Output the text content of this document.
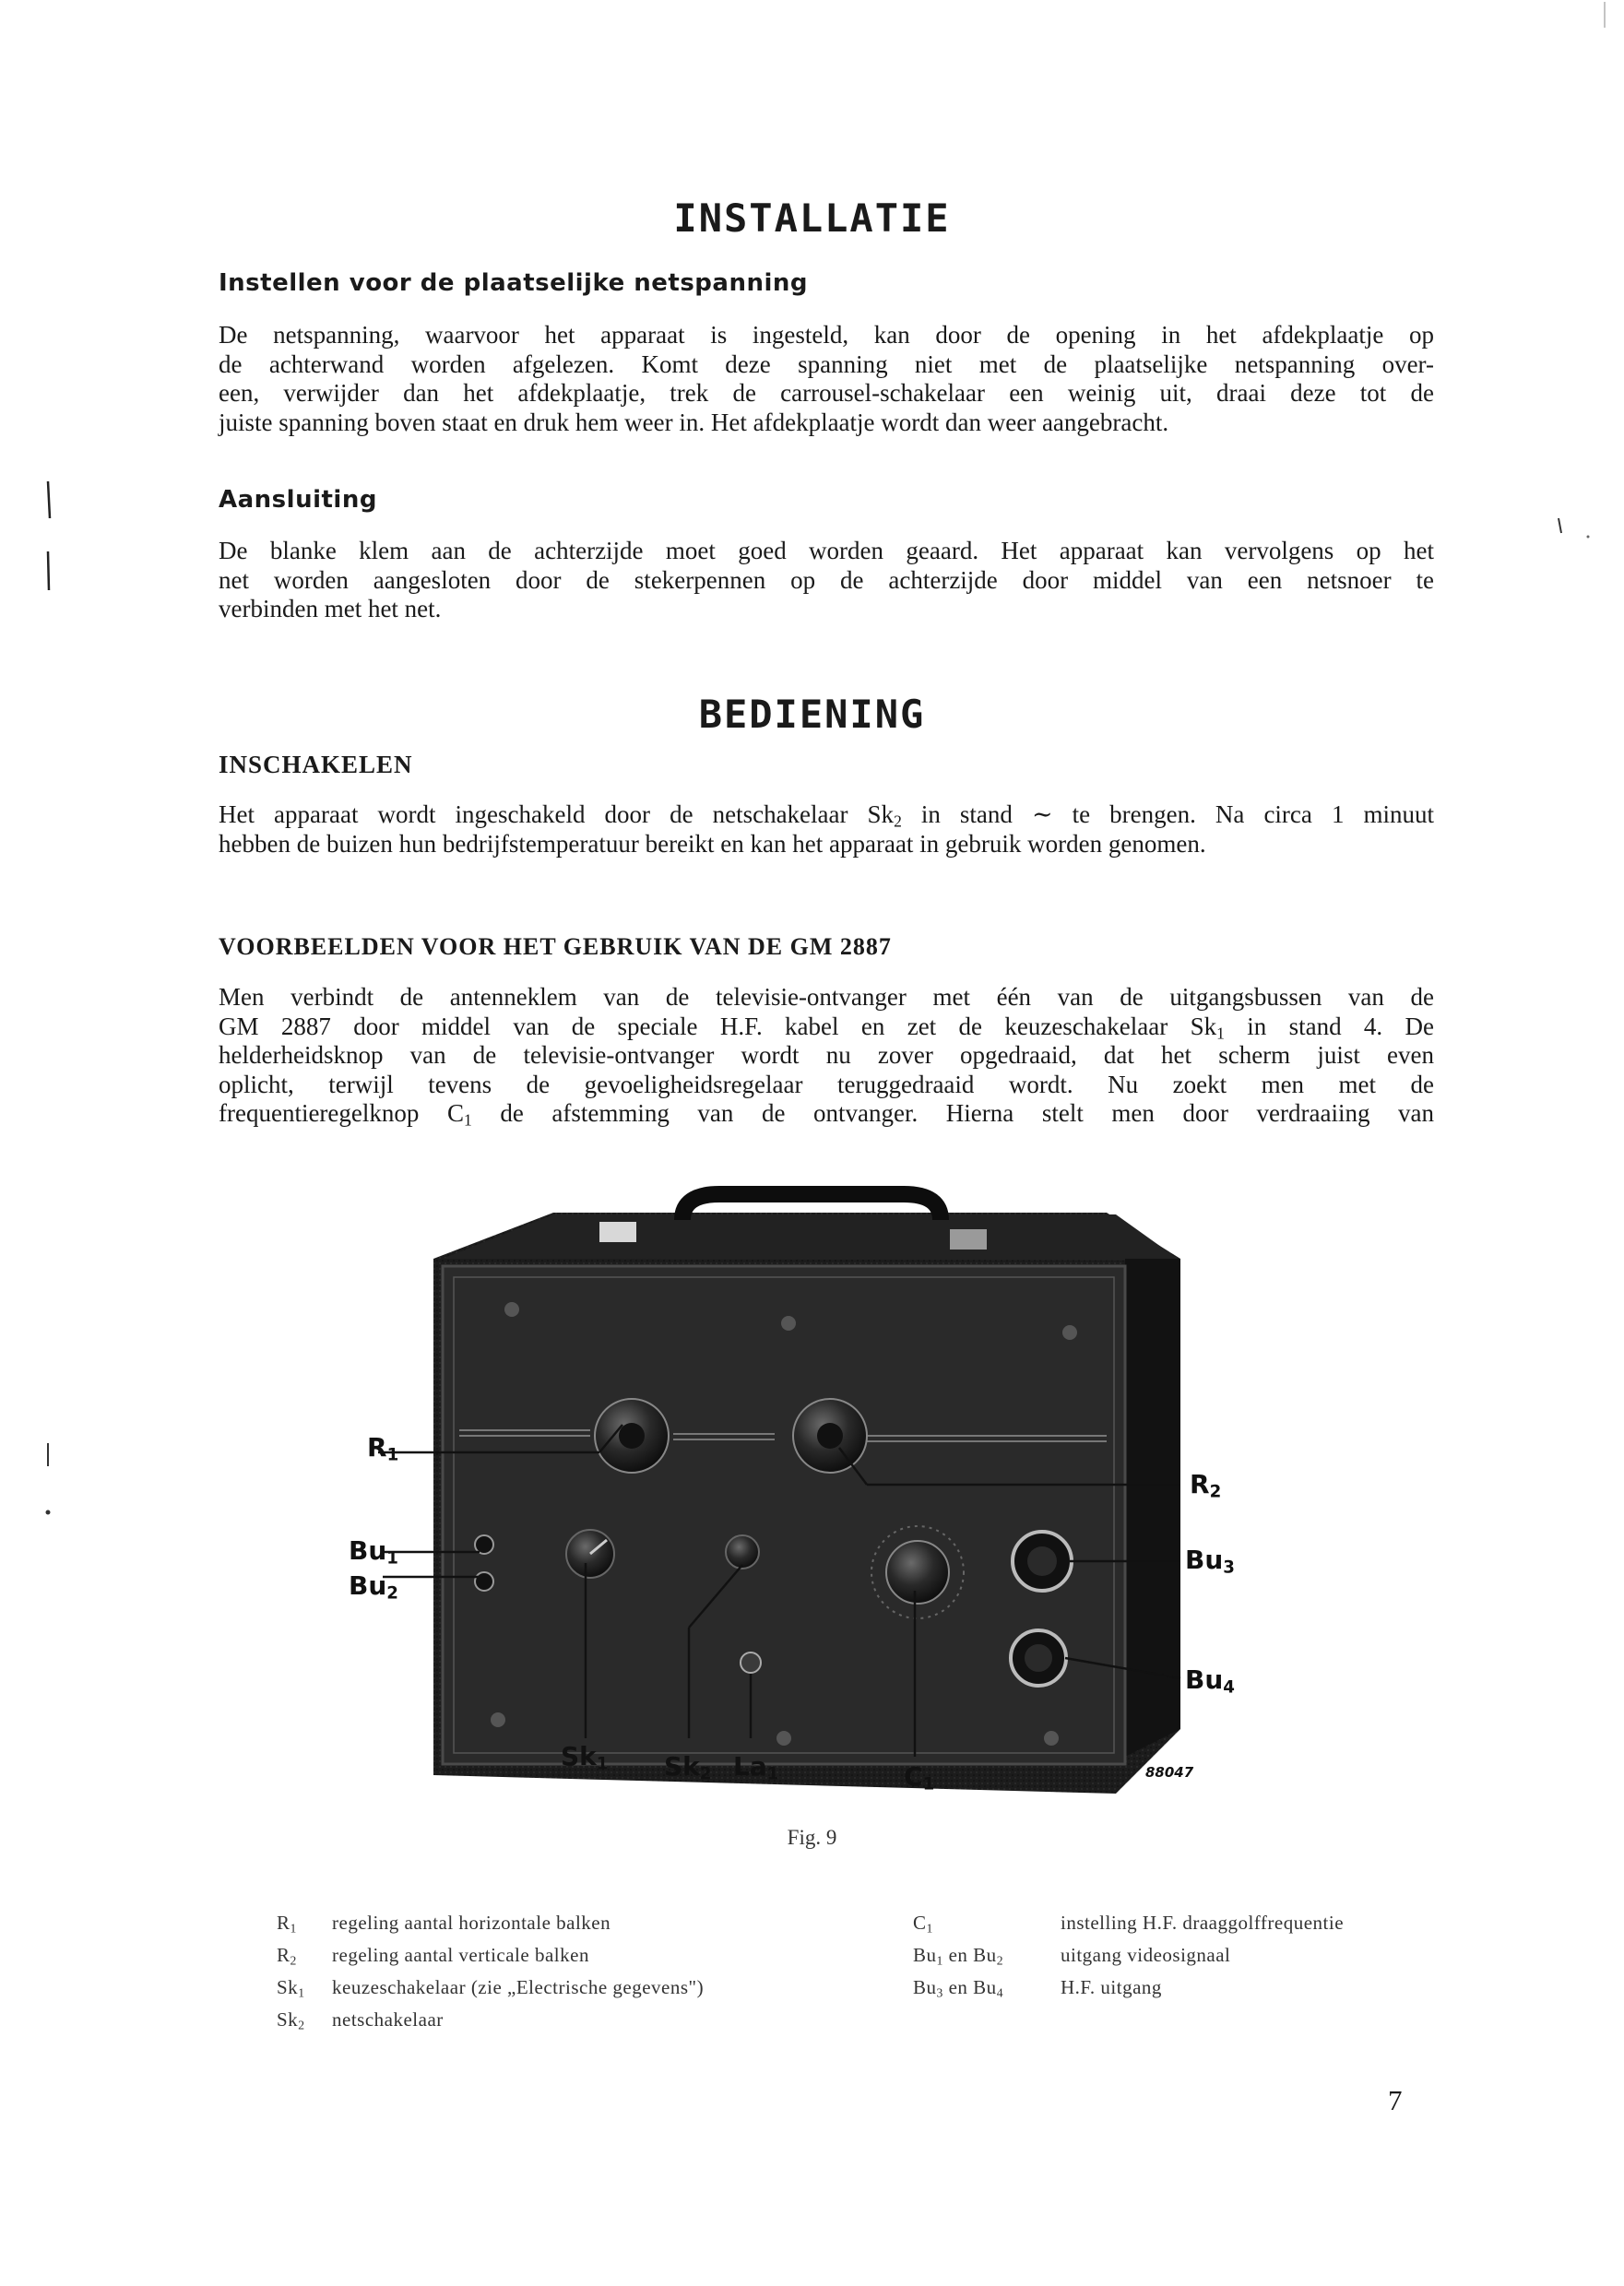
INSTALLATIE
Instellen voor de plaatselijke netspanning

De netspanning, waarvoor het apparaat is ingesteld, kan door de opening in het afdekplaatje op
de achterwand worden afgelezen. Komt deze spanning niet met de plaatselijke netspanning over-
een, verwijder dan het afdekplaatje, trek de carrousel-schakelaar een weinig uit, draai deze tot de
juiste spanning boven staat en druk hem weer in. Het afdekplaatje wordt dan weer aangebracht.

Aansluiting

De blanke klem aan de achterzijde moet goed worden geaard. Het apparaat kan vervolgens op het
net worden aangesloten door de stekerpennen op de achterzijde door middel van een netsnoer te
verbinden met het net.

BEDIENING
INSCHAKELEN

Het apparaat wordt ingeschakeld door de netschakelaar $Sk_2$ in stand ∼ te brengen. Na circa 1 minuut
hebben de buizen hun bedrijfstemperatuur bereikt en kan het apparaat in gebruik worden genomen.

VOORBEELDEN VOOR HET GEBRUIK VAN DE GM 2887

Men verbindt de antenneklem van de televisie-ontvanger met één van de uitgangsbussen van de
GM 2887 door middel van de speciale H.F. kabel en zet de keuzeschakelaar $Sk_1$ in stand 4. De
helderheidsknop van de televisie-ontvanger wordt nu zover opgedraaid, dat het scherm juist even
oplicht, terwijl tevens de gevoeligheidsregelaar teruggedraaid wordt. Nu zoekt men met de
frequentieregelknop $C_1$ de afstemming van de ontvanger. Hierna stelt men door verdraaiing van

$R_1$
$R_2$
$Bu_1$
$Bu_2$
$Bu_3$
$Bu_4$
$Sk_1$ $Sk_2$ $La_1$	$C_1$
88047

Fig. 9

$R_1$	regeling aantal horizontale balken
$R_2$	regeling aantal verticale balken
$Sk_1$	keuzeschakelaar (zie „Electrische gegevens")
$Sk_2$	netschakelaar
$C_1$	instelling H.F. draaggolffrequentie
$Bu_1$ en $Bu_2$	uitgang videosignaal
$Bu_3$ en $Bu_4$	H.F. uitgang

7
